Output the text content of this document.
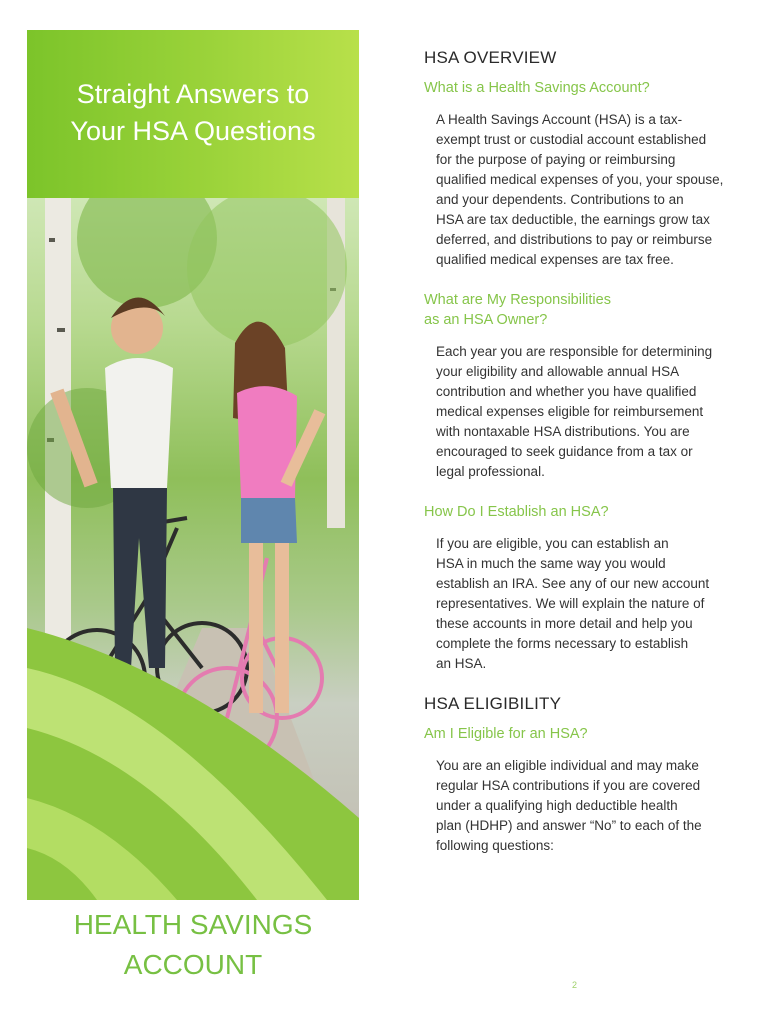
Straight Answers to
Your HSA Questions
HEALTH SAVINGS
ACCOUNT
HSA OVERVIEW
What is a Health Savings Account?
A Health Savings Account (HSA) is a tax-
exempt trust or custodial account established
for the purpose of paying or reimbursing
qualified medical expenses of you, your spouse,
and your dependents. Contributions to an
HSA are tax deductible, the earnings grow tax
deferred, and distributions to pay or reimburse
qualified medical expenses are tax free.
What are My Responsibilities
as an HSA Owner?
Each year you are responsible for determining
your eligibility and allowable annual HSA
contribution and whether you have qualified
medical expenses eligible for reimbursement
with nontaxable HSA distributions. You are
encouraged to seek guidance from a tax or
legal professional.
How Do I Establish an HSA?
If you are eligible, you can establish an
HSA in much the same way you would
establish an IRA. See any of our new account
representatives. We will explain the nature of
these accounts in more detail and help you
complete the forms necessary to establish
an HSA.
HSA ELIGIBILITY
Am I Eligible for an HSA?
You are an eligible individual and may make
regular HSA contributions if you are covered
under a qualifying high deductible health
plan (HDHP) and answer “No” to each of the
following questions:
2
